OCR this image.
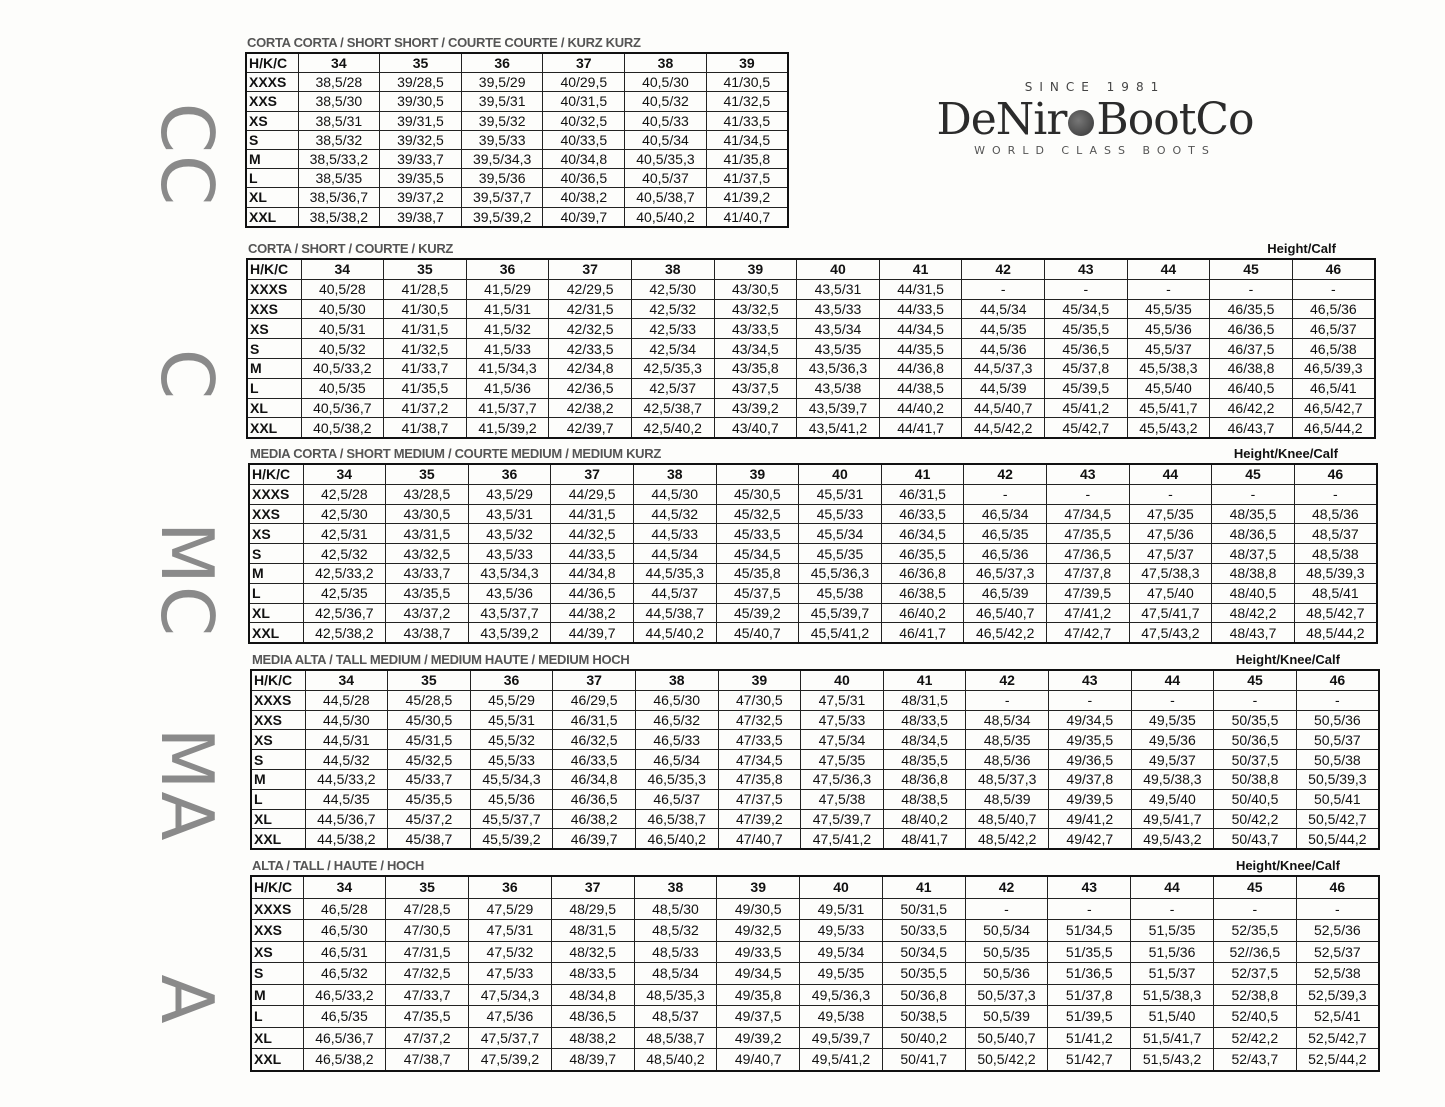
CC
C
MC
MA
A
SINCE 1981
DeNir BootCo
WORLD CLASS BOOTS
CORTA CORTA / SHORT SHORT / COURTE COURTE / KURZ KURZ
H/K/C	34	35	36	37	38	39
XXXS	38,5/28	39/28,5	39,5/29	40/29,5	40,5/30	41/30,5
XXS	38,5/30	39/30,5	39,5/31	40/31,5	40,5/32	41/32,5
XS	38,5/31	39/31,5	39,5/32	40/32,5	40,5/33	41/33,5
S	38,5/32	39/32,5	39,5/33	40/33,5	40,5/34	41/34,5
M	38,5/33,2	39/33,7	39,5/34,3	40/34,8	40,5/35,3	41/35,8
L	38,5/35	39/35,5	39,5/36	40/36,5	40,5/37	41/37,5
XL	38,5/36,7	39/37,2	39,5/37,7	40/38,2	40,5/38,7	41/39,2
XXL	38,5/38,2	39/38,7	39,5/39,2	40/39,7	40,5/40,2	41/40,7
CORTA / SHORT / COURTE / KURZ	Height/Calf
H/K/C	34	35	36	37	38	39	40	41	42	43	44	45	46
XXXS	40,5/28	41/28,5	41,5/29	42/29,5	42,5/30	43/30,5	43,5/31	44/31,5	-	-	-	-	-
XXS	40,5/30	41/30,5	41,5/31	42/31,5	42,5/32	43/32,5	43,5/33	44/33,5	44,5/34	45/34,5	45,5/35	46/35,5	46,5/36
XS	40,5/31	41/31,5	41,5/32	42/32,5	42,5/33	43/33,5	43,5/34	44/34,5	44,5/35	45/35,5	45,5/36	46/36,5	46,5/37
S	40,5/32	41/32,5	41,5/33	42/33,5	42,5/34	43/34,5	43,5/35	44/35,5	44,5/36	45/36,5	45,5/37	46/37,5	46,5/38
M	40,5/33,2	41/33,7	41,5/34,3	42/34,8	42,5/35,3	43/35,8	43,5/36,3	44/36,8	44,5/37,3	45/37,8	45,5/38,3	46/38,8	46,5/39,3
L	40,5/35	41/35,5	41,5/36	42/36,5	42,5/37	43/37,5	43,5/38	44/38,5	44,5/39	45/39,5	45,5/40	46/40,5	46,5/41
XL	40,5/36,7	41/37,2	41,5/37,7	42/38,2	42,5/38,7	43/39,2	43,5/39,7	44/40,2	44,5/40,7	45/41,2	45,5/41,7	46/42,2	46,5/42,7
XXL	40,5/38,2	41/38,7	41,5/39,2	42/39,7	42,5/40,2	43/40,7	43,5/41,2	44/41,7	44,5/42,2	45/42,7	45,5/43,2	46/43,7	46,5/44,2
MEDIA CORTA / SHORT MEDIUM / COURTE MEDIUM / MEDIUM KURZ	Height/Knee/Calf
H/K/C	34	35	36	37	38	39	40	41	42	43	44	45	46
XXXS	42,5/28	43/28,5	43,5/29	44/29,5	44,5/30	45/30,5	45,5/31	46/31,5	-	-	-	-	-
XXS	42,5/30	43/30,5	43,5/31	44/31,5	44,5/32	45/32,5	45,5/33	46/33,5	46,5/34	47/34,5	47,5/35	48/35,5	48,5/36
XS	42,5/31	43/31,5	43,5/32	44/32,5	44,5/33	45/33,5	45,5/34	46/34,5	46,5/35	47/35,5	47,5/36	48/36,5	48,5/37
S	42,5/32	43/32,5	43,5/33	44/33,5	44,5/34	45/34,5	45,5/35	46/35,5	46,5/36	47/36,5	47,5/37	48/37,5	48,5/38
M	42,5/33,2	43/33,7	43,5/34,3	44/34,8	44,5/35,3	45/35,8	45,5/36,3	46/36,8	46,5/37,3	47/37,8	47,5/38,3	48/38,8	48,5/39,3
L	42,5/35	43/35,5	43,5/36	44/36,5	44,5/37	45/37,5	45,5/38	46/38,5	46,5/39	47/39,5	47,5/40	48/40,5	48,5/41
XL	42,5/36,7	43/37,2	43,5/37,7	44/38,2	44,5/38,7	45/39,2	45,5/39,7	46/40,2	46,5/40,7	47/41,2	47,5/41,7	48/42,2	48,5/42,7
XXL	42,5/38,2	43/38,7	43,5/39,2	44/39,7	44,5/40,2	45/40,7	45,5/41,2	46/41,7	46,5/42,2	47/42,7	47,5/43,2	48/43,7	48,5/44,2
MEDIA ALTA / TALL MEDIUM / MEDIUM HAUTE / MEDIUM HOCH	Height/Knee/Calf
H/K/C	34	35	36	37	38	39	40	41	42	43	44	45	46
XXXS	44,5/28	45/28,5	45,5/29	46/29,5	46,5/30	47/30,5	47,5/31	48/31,5	-	-	-	-	-
XXS	44,5/30	45/30,5	45,5/31	46/31,5	46,5/32	47/32,5	47,5/33	48/33,5	48,5/34	49/34,5	49,5/35	50/35,5	50,5/36
XS	44,5/31	45/31,5	45,5/32	46/32,5	46,5/33	47/33,5	47,5/34	48/34,5	48,5/35	49/35,5	49,5/36	50/36,5	50,5/37
S	44,5/32	45/32,5	45,5/33	46/33,5	46,5/34	47/34,5	47,5/35	48/35,5	48,5/36	49/36,5	49,5/37	50/37,5	50,5/38
M	44,5/33,2	45/33,7	45,5/34,3	46/34,8	46,5/35,3	47/35,8	47,5/36,3	48/36,8	48,5/37,3	49/37,8	49,5/38,3	50/38,8	50,5/39,3
L	44,5/35	45/35,5	45,5/36	46/36,5	46,5/37	47/37,5	47,5/38	48/38,5	48,5/39	49/39,5	49,5/40	50/40,5	50,5/41
XL	44,5/36,7	45/37,2	45,5/37,7	46/38,2	46,5/38,7	47/39,2	47,5/39,7	48/40,2	48,5/40,7	49/41,2	49,5/41,7	50/42,2	50,5/42,7
XXL	44,5/38,2	45/38,7	45,5/39,2	46/39,7	46,5/40,2	47/40,7	47,5/41,2	48/41,7	48,5/42,2	49/42,7	49,5/43,2	50/43,7	50,5/44,2
ALTA / TALL / HAUTE / HOCH	Height/Knee/Calf
H/K/C	34	35	36	37	38	39	40	41	42	43	44	45	46
XXXS	46,5/28	47/28,5	47,5/29	48/29,5	48,5/30	49/30,5	49,5/31	50/31,5	-	-	-	-	-
XXS	46,5/30	47/30,5	47,5/31	48/31,5	48,5/32	49/32,5	49,5/33	50/33,5	50,5/34	51/34,5	51,5/35	52/35,5	52,5/36
XS	46,5/31	47/31,5	47,5/32	48/32,5	48,5/33	49/33,5	49,5/34	50/34,5	50,5/35	51/35,5	51,5/36	52//36,5	52,5/37
S	46,5/32	47/32,5	47,5/33	48/33,5	48,5/34	49/34,5	49,5/35	50/35,5	50,5/36	51/36,5	51,5/37	52/37,5	52,5/38
M	46,5/33,2	47/33,7	47,5/34,3	48/34,8	48,5/35,3	49/35,8	49,5/36,3	50/36,8	50,5/37,3	51/37,8	51,5/38,3	52/38,8	52,5/39,3
L	46,5/35	47/35,5	47,5/36	48/36,5	48,5/37	49/37,5	49,5/38	50/38,5	50,5/39	51/39,5	51,5/40	52/40,5	52,5/41
XL	46,5/36,7	47/37,2	47,5/37,7	48/38,2	48,5/38,7	49/39,2	49,5/39,7	50/40,2	50,5/40,7	51/41,2	51,5/41,7	52/42,2	52,5/42,7
XXL	46,5/38,2	47/38,7	47,5/39,2	48/39,7	48,5/40,2	49/40,7	49,5/41,2	50/41,7	50,5/42,2	51/42,7	51,5/43,2	52/43,7	52,5/44,2
